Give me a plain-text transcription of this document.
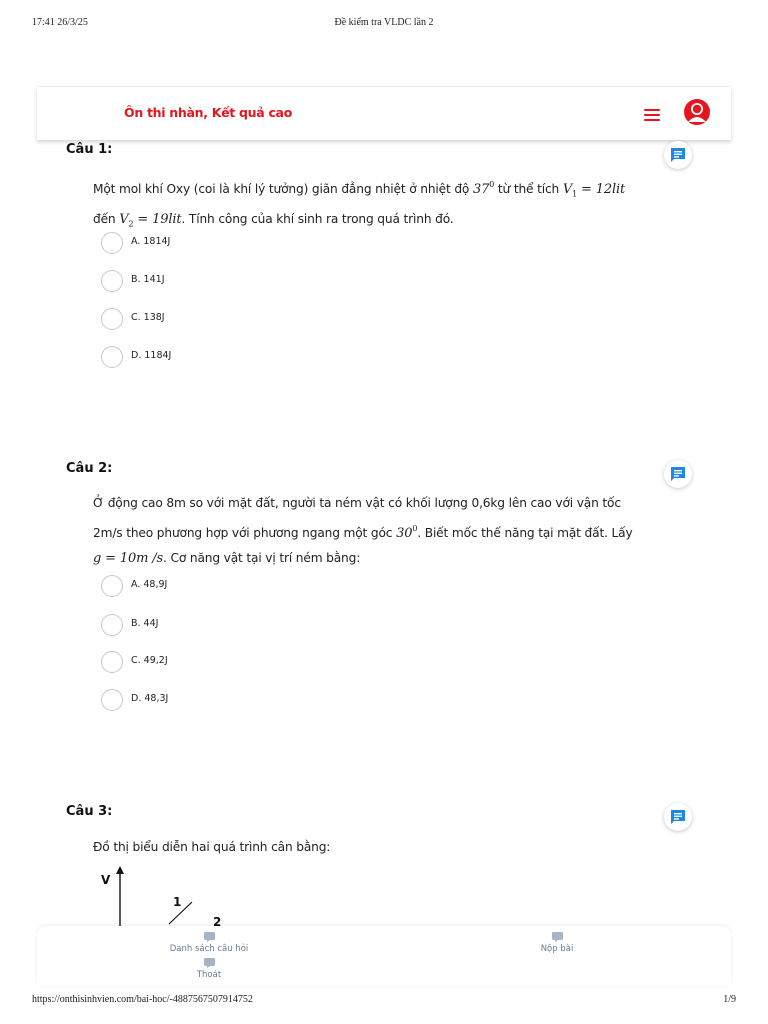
17:41 26/3/25	Đề kiểm tra VLDC lần 2
Ôn thi nhàn, Kết quả cao
Câu 1:
Một mol khí Oxy (coi là khí lý tưởng) giãn đẳng nhiệt ở nhiệt độ $37^0$ từ thể tích $V_1 = 12lit$
đến $V_2 = 19lit$. Tính công của khí sinh ra trong quá trình đó.
A. 1814J
B. 141J
C. 138J
D. 1184J
Câu 2:
Ở động cao 8m so với mặt đất, người ta ném vật có khối lượng 0,6kg lên cao với vận tốc
2m/s theo phương hợp với phương ngang một góc $30^0$. Biết mốc thế năng tại mặt đất. Lấy
g = 10m /s. Cơ năng vật tại vị trí ném bằng:
A. 48,9J
B. 44J
C. 49,2J
D. 48,3J
Câu 3:
Đồ thị biểu diễn hai quá trình cân bằng:
V
1
2
Danh sách câu hỏi	Nộp bài
Thoát
https://onthisinhvien.com/bai-hoc/-4887567507914752	1/9
